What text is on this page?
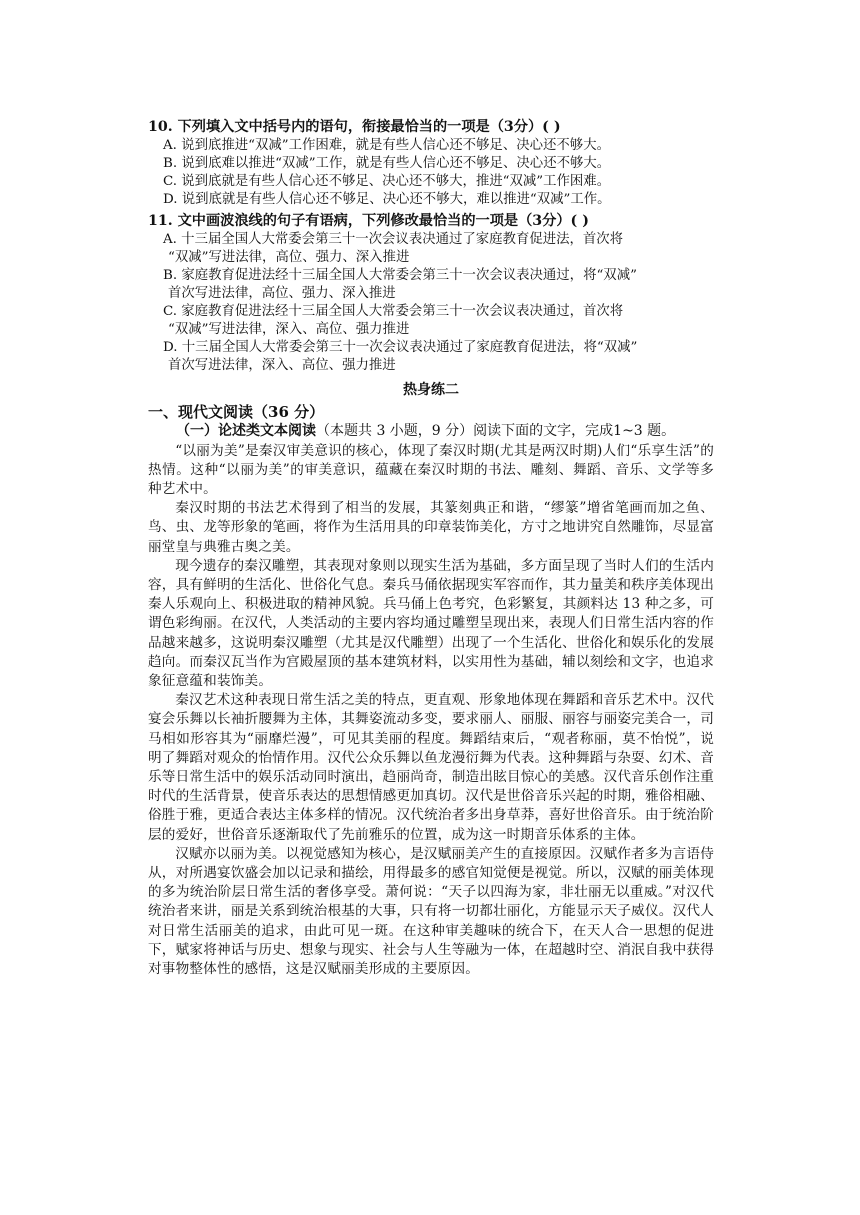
10. 下列填入文中括号内的语句，衔接最恰当的一项是（3分）( )

A. 说到底推进“双减”工作困难，就是有些人信心还不够足、决心还不够大。

B. 说到底难以推进“双减”工作，就是有些人信心还不够足、决心还不够大。

C. 说到底就是有些人信心还不够足、决心还不够大，推进“双减”工作困难。

D. 说到底就是有些人信心还不够足、决心还不够大，难以推进“双减”工作。

11. 文中画波浪线的句子有语病，下列修改最恰当的一项是（3分）( )

A. 十三届全国人大常委会第三十一次会议表决通过了家庭教育促进法，首次将

“双减”写进法律，高位、强力、深入推进

B. 家庭教育促进法经十三届全国人大常委会第三十一次会议表决通过，将“双减”

首次写进法律，高位、强力、深入推进

C. 家庭教育促进法经十三届全国人大常委会第三十一次会议表决通过，首次将

“双减”写进法律，深入、高位、强力推进

D. 十三届全国人大常委会第三十一次会议表决通过了家庭教育促进法，将“双减”

首次写进法律，深入、高位、强力推进

热身练二

一、现代文阅读（36 分）

（一）论述类文本阅读（本题共 3 小题，9 分）阅读下面的文字，完成1~3 题。

“以丽为美”是秦汉审美意识的核心，体现了秦汉时期(尤其是两汉时期)人们“乐享生活”的热情。这种“以丽为美”的审美意识，蕴藏在秦汉时期的书法、雕刻、舞蹈、音乐、文学等多种艺术中。

秦汉时期的书法艺术得到了相当的发展，其篆刻典正和谐，“缪篆”增省笔画而加之鱼、鸟、虫、龙等形象的笔画，将作为生活用具的印章装饰美化，方寸之地讲究自然雕饰，尽显富丽堂皇与典雅古奥之美。

现今遗存的秦汉雕塑，其表现对象则以现实生活为基础，多方面呈现了当时人们的生活内容，具有鲜明的生活化、世俗化气息。秦兵马俑依据现实军容而作，其力量美和秩序美体现出秦人乐观向上、积极进取的精神风貌。兵马俑上色考究，色彩繁复，其颜料达 13 种之多，可谓色彩绚丽。在汉代，人类活动的主要内容均通过雕塑呈现出来，表现人们日常生活内容的作品越来越多，这说明秦汉雕塑（尤其是汉代雕塑）出现了一个生活化、世俗化和娱乐化的发展趋向。而秦汉瓦当作为宫殿屋顶的基本建筑材料，以实用性为基础，辅以刻绘和文字，也追求象征意蕴和装饰美。

秦汉艺术这种表现日常生活之美的特点，更直观、形象地体现在舞蹈和音乐艺术中。汉代宴会乐舞以长袖折腰舞为主体，其舞姿流动多变，要求丽人、丽服、丽容与丽姿完美合一，司马相如形容其为“丽靡烂漫”，可见其美丽的程度。舞蹈结束后，“观者称丽，莫不怡悦”，说明了舞蹈对观众的怡情作用。汉代公众乐舞以鱼龙漫衍舞为代表。这种舞蹈与杂耍、幻术、音乐等日常生活中的娱乐活动同时演出，趋丽尚奇，制造出眩目惊心的美感。汉代音乐创作注重时代的生活背景，使音乐表达的思想情感更加真切。汉代是世俗音乐兴起的时期，雅俗相融、俗胜于雅，更适合表达主体多样的情况。汉代统治者多出身草莽，喜好世俗音乐。由于统治阶层的爱好，世俗音乐逐渐取代了先前雅乐的位置，成为这一时期音乐体系的主体。

汉赋亦以丽为美。以视觉感知为核心，是汉赋丽美产生的直接原因。汉赋作者多为言语侍从，对所遇宴饮盛会加以记录和描绘，用得最多的感官知觉便是视觉。所以，汉赋的丽美体现的多为统治阶层日常生活的奢侈享受。萧何说：“天子以四海为家，非壮丽无以重威。”对汉代统治者来讲，丽是关系到统治根基的大事，只有将一切都壮丽化，方能显示天子威仪。汉代人对日常生活丽美的追求，由此可见一斑。在这种审美趣味的统合下，在天人合一思想的促进下，赋家将神话与历史、想象与现实、社会与人生等融为一体，在超越时空、消泯自我中获得对事物整体性的感悟，这是汉赋丽美形成的主要原因。
